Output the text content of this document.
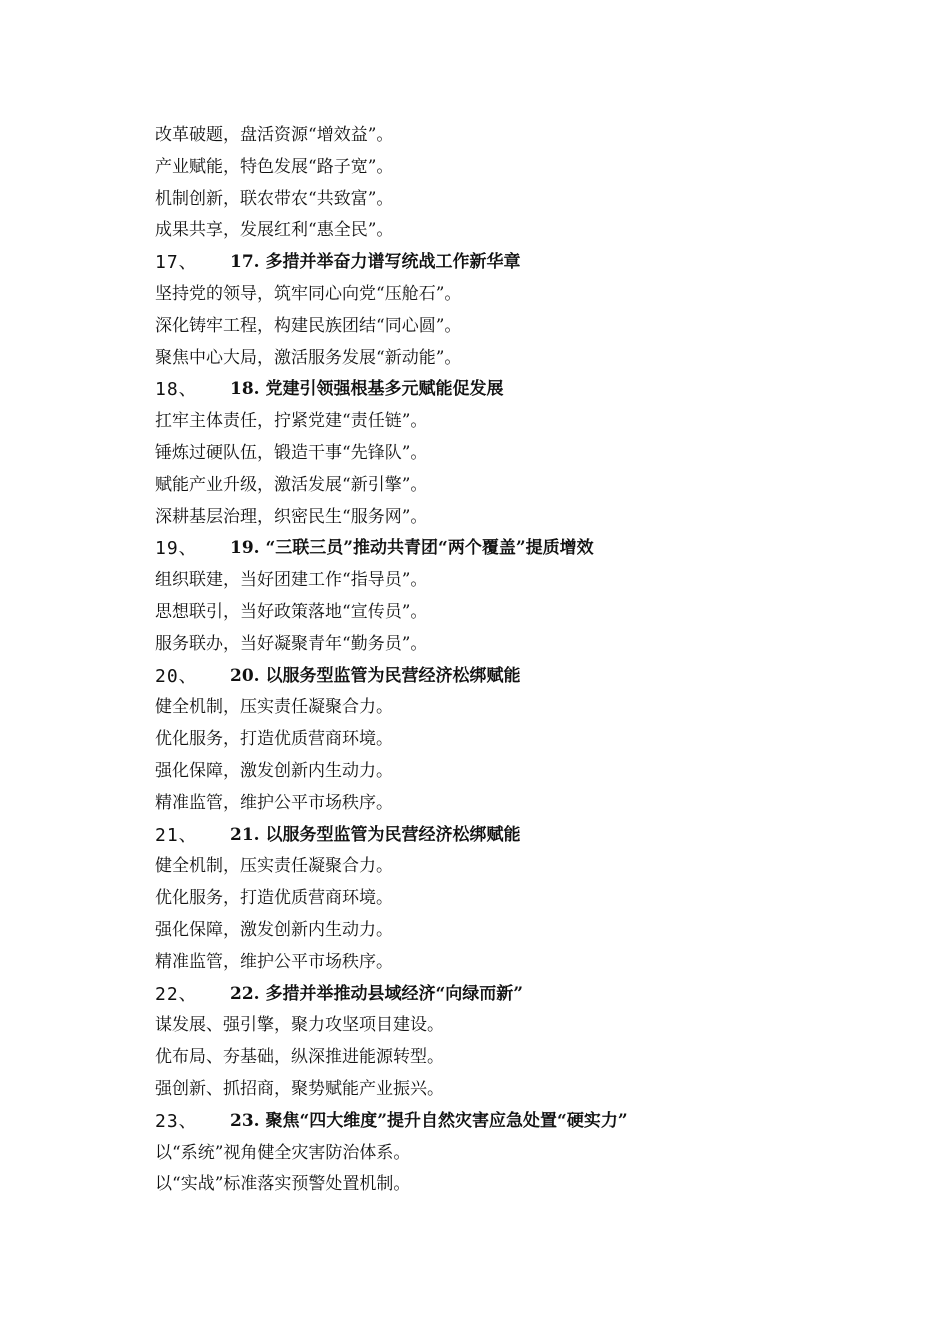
改革破题，盘活资源“增效益”。
产业赋能，特色发展“路子宽”。
机制创新，联农带农“共致富”。
成果共享，发展红利“惠全民”。
17、	17. 多措并举奋力谱写统战工作新华章
坚持党的领导，筑牢同心向党“压舱石”。
深化铸牢工程，构建民族团结“同心圆”。
聚焦中心大局，激活服务发展“新动能”。
18、	18. 党建引领强根基多元赋能促发展
扛牢主体责任，拧紧党建“责任链”。
锤炼过硬队伍，锻造干事“先锋队”。
赋能产业升级，激活发展“新引擎”。
深耕基层治理，织密民生“服务网”。
19、	19. “三联三员”推动共青团“两个覆盖”提质增效
组织联建，当好团建工作“指导员”。
思想联引，当好政策落地“宣传员”。
服务联办，当好凝聚青年“勤务员”。
20、	20. 以服务型监管为民营经济松绑赋能
健全机制，压实责任凝聚合力。
优化服务，打造优质营商环境。
强化保障，激发创新内生动力。
精准监管，维护公平市场秩序。
21、	21. 以服务型监管为民营经济松绑赋能
健全机制，压实责任凝聚合力。
优化服务，打造优质营商环境。
强化保障，激发创新内生动力。
精准监管，维护公平市场秩序。
22、	22. 多措并举推动县域经济“向绿而新”
谋发展、强引擎，聚力攻坚项目建设。
优布局、夯基础，纵深推进能源转型。
强创新、抓招商，聚势赋能产业振兴。
23、	23. 聚焦“四大维度”提升自然灾害应急处置“硬实力”
以“系统”视角健全灾害防治体系。
以“实战”标准落实预警处置机制。
